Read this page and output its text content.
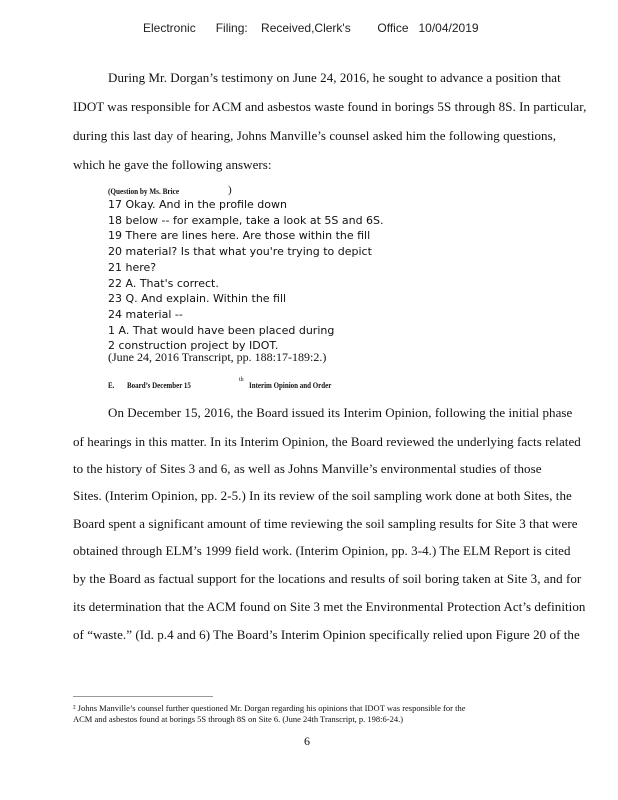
Electronic      Filing:    Received,Clerk's        Office   10/04/2019
During Mr. Dorgan’s testimony on June 24, 2016, he sought to advance a position that
IDOT was responsible for ACM and asbestos waste found in borings 5S through 8S. In particular,
during this last day of hearing, Johns Manville’s counsel asked him the following questions,
which he gave the following answers:
(Question by Ms. Brice	)
17 Okay. And in the profile down
18 below -- for example, take a look at 5S and 6S.
19 There are lines here. Are those within the fill
20 material? Is that what you're trying to depict
21 here?
22 A. That's correct.
23 Q. And explain. Within the fill
24 material --
1 A. That would have been placed during
2 construction project by IDOT.
(June 24, 2016 Transcript, pp. 188:17-189:2.)
E. Board’s December 15	th Interim Opinion and Order
On December 15, 2016, the Board issued its Interim Opinion, following the initial phase
of hearings in this matter. In its Interim Opinion, the Board reviewed the underlying facts related
to the history of Sites 3 and 6, as well as Johns Manville’s environmental studies of those
Sites. (Interim Opinion, pp. 2-5.) In its review of the soil sampling work done at both Sites, the
Board spent a significant amount of time reviewing the soil sampling results for Site 3 that were
obtained through ELM’s 1999 field work. (Interim Opinion, pp. 3-4.) The ELM Report is cited
by the Board as factual support for the locations and results of soil boring taken at Site 3, and for
its determination that the ACM found on Site 3 met the Environmental Protection Act’s definition
of “waste.” (Id. p.4 and 6) The Board’s Interim Opinion specifically relied upon Figure 20 of the
² Johns Manville’s counsel further questioned Mr. Dorgan regarding his opinions that IDOT was responsible for the
ACM and asbestos found at borings 5S through 8S on Site 6. (June 24th Transcript, p. 198:6-24.)
6
